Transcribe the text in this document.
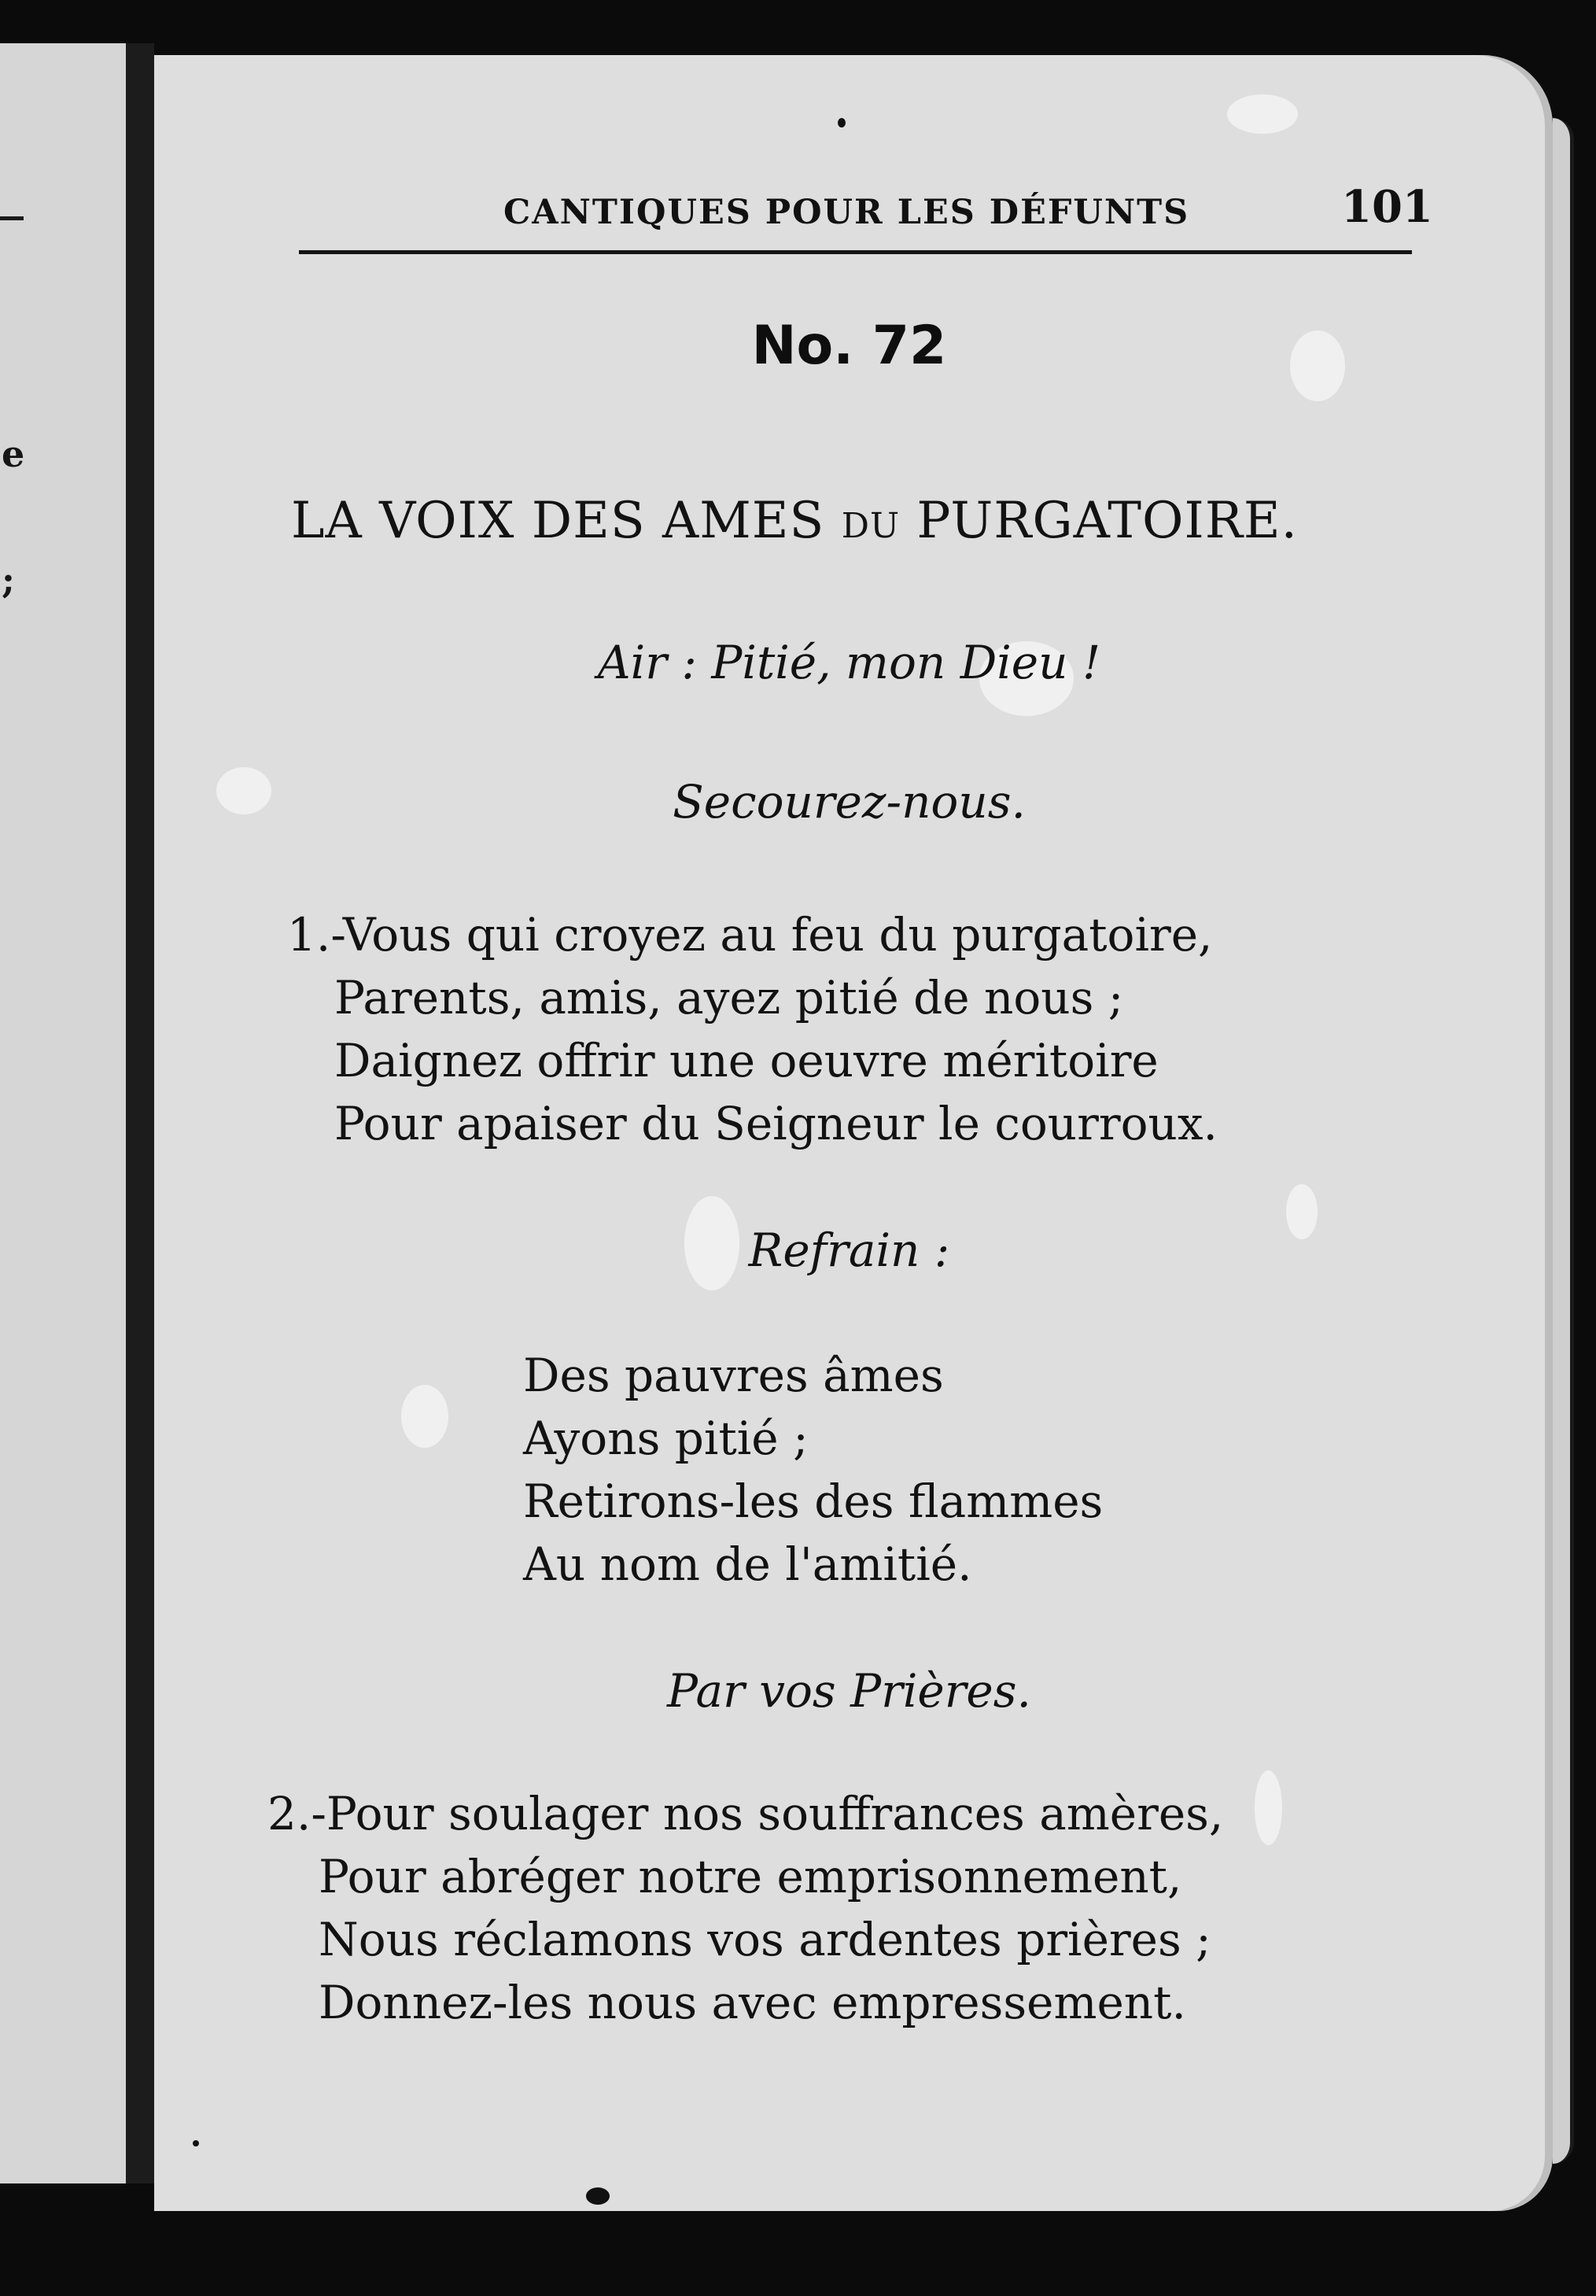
e
;
CANTIQUES POUR LES DÉFUNTS	101
No. 72
LA VOIX DES AMES DU PURGATOIRE.
Air : Pitié, mon Dieu !
Secourez-nous.
1.-Vous qui croyez au feu du purgatoire,
Parents, amis, ayez pitié de nous ;
Daignez offrir une oeuvre méritoire
Pour apaiser du Seigneur le courroux.
Refrain :
Des pauvres âmes
Ayons pitié ;
Retirons-les des flammes
Au nom de l'amitié.
Par vos Prières.
2.-Pour soulager nos souffrances amères,
Pour abréger notre emprisonnement,
Nous réclamons vos ardentes prières ;
Donnez-les nous avec empressement.
